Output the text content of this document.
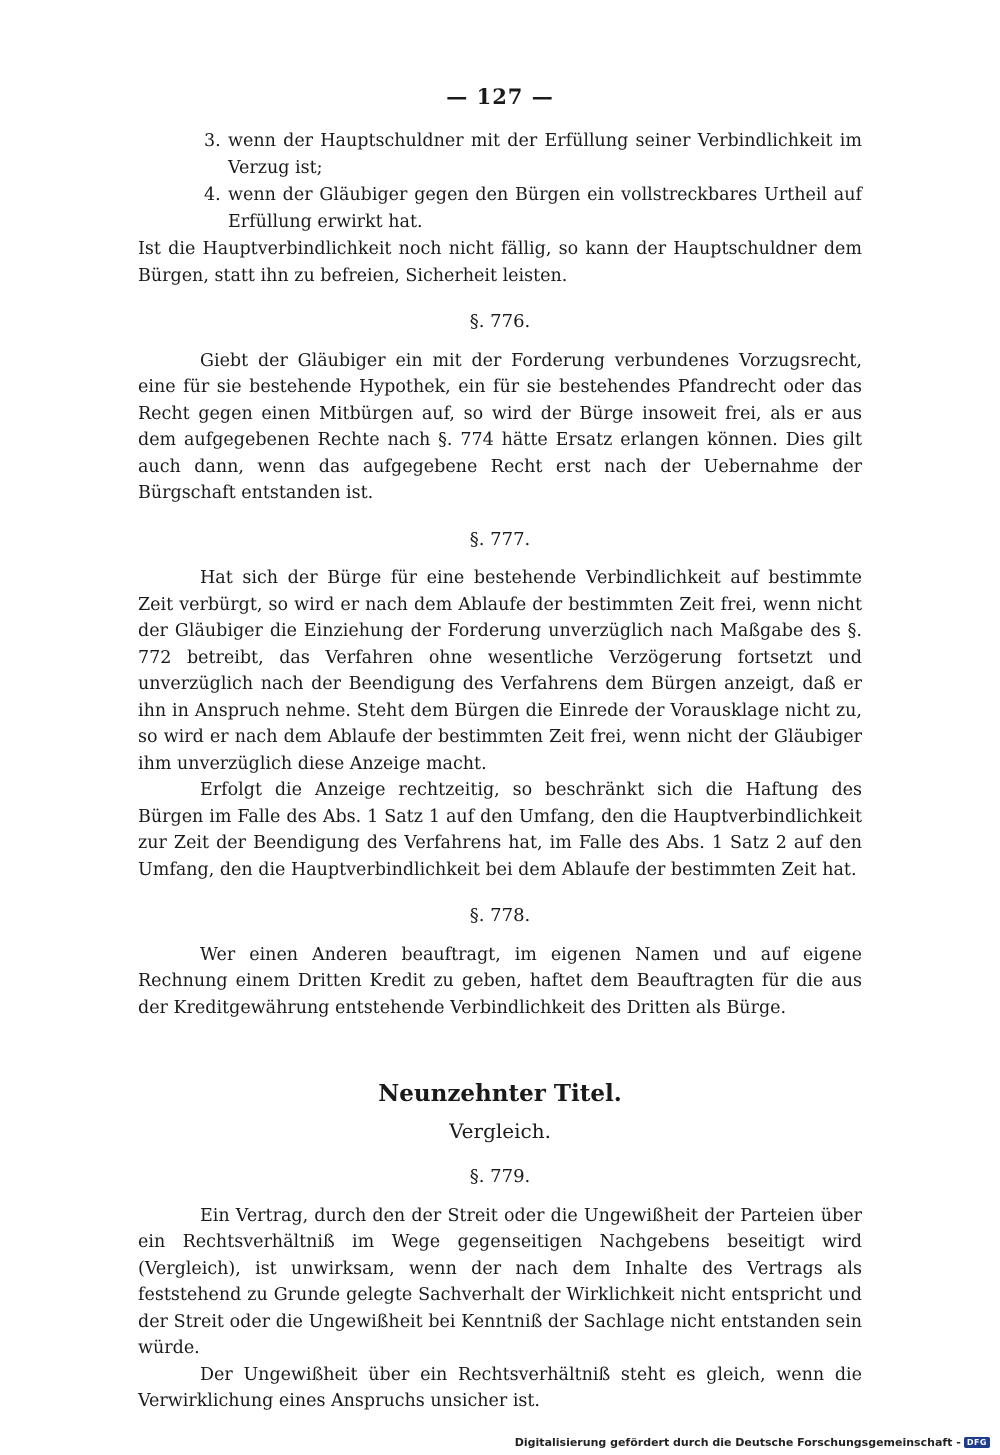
— 127 —
3. wenn der Hauptschuldner mit der Erfüllung seiner Verbindlichkeit im Verzug ist;
4. wenn der Gläubiger gegen den Bürgen ein vollstreckbares Urtheil auf Erfüllung erwirkt hat.

Ist die Hauptverbindlichkeit noch nicht fällig, so kann der Hauptschuldner dem Bürgen, statt ihn zu befreien, Sicherheit leisten.

§. 776.

Giebt der Gläubiger ein mit der Forderung verbundenes Vorzugsrecht, eine für sie bestehende Hypothek, ein für sie bestehendes Pfandrecht oder das Recht gegen einen Mitbürgen auf, so wird der Bürge insoweit frei, als er aus dem aufgegebenen Rechte nach §. 774 hätte Ersatz erlangen können. Dies gilt auch dann, wenn das aufgegebene Recht erst nach der Uebernahme der Bürgschaft entstanden ist.

§. 777.

Hat sich der Bürge für eine bestehende Verbindlichkeit auf bestimmte Zeit verbürgt, so wird er nach dem Ablaufe der bestimmten Zeit frei, wenn nicht der Gläubiger die Einziehung der Forderung unverzüglich nach Maßgabe des §. 772 betreibt, das Verfahren ohne wesentliche Verzögerung fortsetzt und unverzüglich nach der Beendigung des Verfahrens dem Bürgen anzeigt, daß er ihn in Anspruch nehme. Steht dem Bürgen die Einrede der Vorausklage nicht zu, so wird er nach dem Ablaufe der bestimmten Zeit frei, wenn nicht der Gläubiger ihm unverzüglich diese Anzeige macht.

Erfolgt die Anzeige rechtzeitig, so beschränkt sich die Haftung des Bürgen im Falle des Abs. 1 Satz 1 auf den Umfang, den die Hauptverbindlichkeit zur Zeit der Beendigung des Verfahrens hat, im Falle des Abs. 1 Satz 2 auf den Umfang, den die Hauptverbindlichkeit bei dem Ablaufe der bestimmten Zeit hat.

§. 778.

Wer einen Anderen beauftragt, im eigenen Namen und auf eigene Rechnung einem Dritten Kredit zu geben, haftet dem Beauftragten für die aus der Kreditgewährung entstehende Verbindlichkeit des Dritten als Bürge.

Neunzehnter Titel.
Vergleich.
§. 779.

Ein Vertrag, durch den der Streit oder die Ungewißheit der Parteien über ein Rechtsverhältniß im Wege gegenseitigen Nachgebens beseitigt wird (Vergleich), ist unwirksam, wenn der nach dem Inhalte des Vertrags als feststehend zu Grunde gelegte Sachverhalt der Wirklichkeit nicht entspricht und der Streit oder die Ungewißheit bei Kenntniß der Sachlage nicht entstanden sein würde.

Der Ungewißheit über ein Rechtsverhältniß steht es gleich, wenn die Verwirklichung eines Anspruchs unsicher ist.

Digitalisierung gefördert durch die Deutsche Forschungsgemeinschaft - DFG
